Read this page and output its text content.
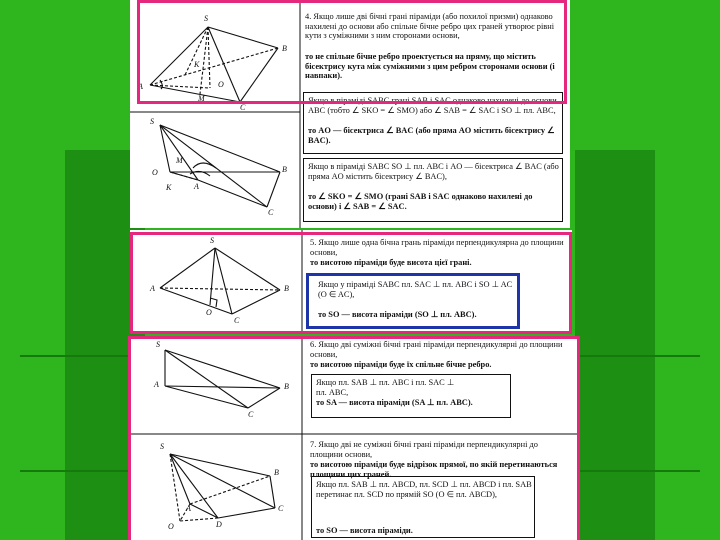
S
B
K
O
A
M
C
S
M
O
K	A
B
C
4. Якщо лише дві бічні грані піраміди (або похилої призми) однаково нахилені до основи або спільне бічне ребро цих граней утворює рівні кути з суміжними з ним сторонами основи,
то не спільне бічне ребро проектується на пряму, що містить бісектрису кута між суміжними з цим ребром сторонами основи (і навпаки).
Якщо в піраміді SABC грані SAB і SAC однаково нахилені до основи ABC (тобто ∠ SKO = ∠ SMO) або ∠ SAB = ∠ SAC і SO ⊥ пл. ABC,
то AO — бісектриса ∠ BAC (або пряма AO містить бісектрису ∠ BAC).
Якщо в піраміді SABC SO ⊥ пл. ABC і AO — бісектриса ∠ BAC (або пряма AO містить бісектрису ∠ BAC),
то ∠ SKO = ∠ SMO (грані SAB і SAC однаково нахилені до основи) і ∠ SAB = ∠ SAC.
S
A	B
O
C
5. Якщо лише одна бічна грань піраміди перпендикулярна до площини основи,
то висотою піраміди буде висота цієї грані.
Якщо у піраміді SABC пл. SAC ⊥ пл. ABC і SO ⊥ AC (O ∈ AC),
то SO — висота піраміди (SO ⊥ пл. ABC).
S
A	B
C
S
B
A
O	D
C
6. Якщо дві суміжні бічні грані піраміди перпендикулярні до площини основи,
то висотою піраміди буде їх спільне бічне ребро.
Якщо пл. SAB ⊥ пл. ABC і пл. SAC ⊥ пл. ABC,
то SA — висота піраміди (SA ⊥ пл. ABC).
7. Якщо дві не суміжні бічні грані піраміди перпендикулярні до площини основи,
то висотою піраміди буде відрізок прямої, по якій перетинаються площини цих граней.
Якщо пл. SAB ⊥ пл. ABCD, пл. SCD ⊥ пл. ABCD і пл. SAB перетинає пл. SCD по прямій SO (O ∈ пл. ABCD),
то SO — висота піраміди.
